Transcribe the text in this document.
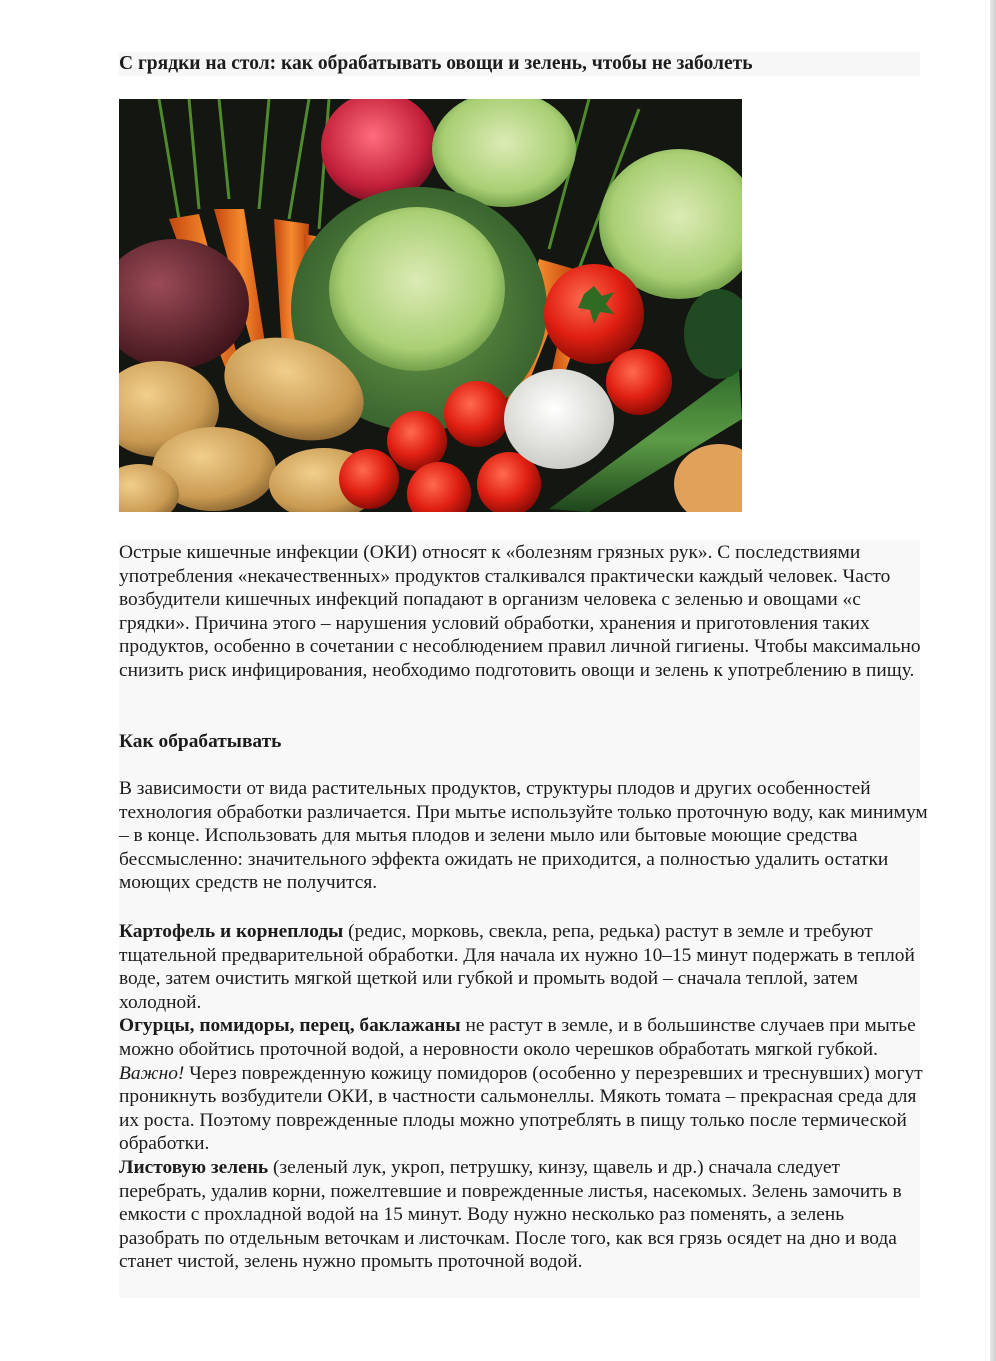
С грядки на стол: как обрабатывать овощи и зелень, чтобы не заболеть

Острые кишечные инфекции (ОКИ) относят к «болезням грязных рук». С последствиями употребления «некачественных» продуктов сталкивался практически каждый человек. Часто возбудители кишечных инфекций попадают в организм человека с зеленью и овощами «с грядки». Причина этого – нарушения условий обработки, хранения и приготовления таких продуктов, особенно в сочетании с несоблюдением правил личной гигиены. Чтобы максимально снизить риск инфицирования, необходимо подготовить овощи и зелень к употреблению в пищу.

Как обрабатывать

В зависимости от вида растительных продуктов, структуры плодов и других особенностей технология обработки различается. При мытье используйте только проточную воду, как минимум – в конце. Использовать для мытья плодов и зелени мыло или бытовые моющие средства бессмысленно: значительного эффекта ожидать не приходится, а полностью удалить остатки моющих средств не получится.

Картофель и корнеплоды (редис, морковь, свекла, репа, редька) растут в земле и требуют тщательной предварительной обработки. Для начала их нужно 10–15 минут подержать в теплой воде, затем очистить мягкой щеткой или губкой и промыть водой – сначала теплой, затем холодной.
Огурцы, помидоры, перец, баклажаны не растут в земле, и в большинстве случаев при мытье можно обойтись проточной водой, а неровности около черешков обработать мягкой губкой.
Важно! Через поврежденную кожицу помидоров (особенно у перезревших и треснувших) могут проникнуть возбудители ОКИ, в частности сальмонеллы. Мякоть томата – прекрасная среда для их роста. Поэтому поврежденные плоды можно употреблять в пищу только после термической обработки.
Листовую зелень (зеленый лук, укроп, петрушку, кинзу, щавель и др.) сначала следует перебрать, удалив корни, пожелтевшие и поврежденные листья, насекомых. Зелень замочить в емкости с прохладной водой на 15 минут. Воду нужно несколько раз поменять, а зелень разобрать по отдельным веточкам и листочкам. После того, как вся грязь осядет на дно и вода станет чистой, зелень нужно промыть проточной водой.
